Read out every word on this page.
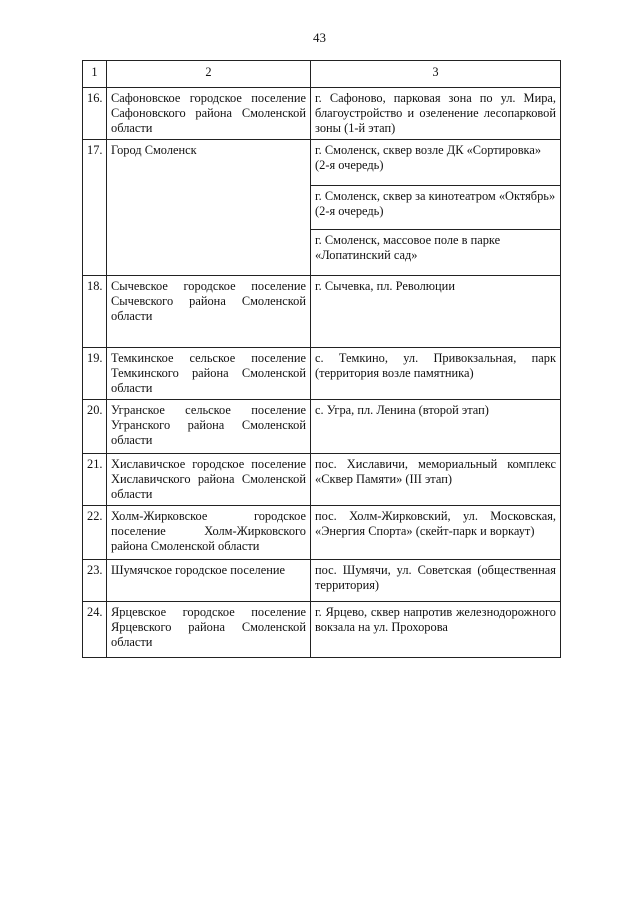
43
1	2	3
16.	Сафоновское городское поселение Сафоновского района Смоленской области	г. Сафоново, парковая зона по ул. Мира, благоустройство и озеленение лесопарковой зоны (1-й этап)
17.	Город Смоленск	г. Смоленск, сквер возле ДК «Сортировка» (2-я очередь)
		г. Смоленск, сквер за кинотеатром «Октябрь» (2-я очередь)
		г. Смоленск, массовое поле в парке «Лопатинский сад»
18.	Сычевское городское поселение Сычевского района Смоленской области	г. Сычевка, пл. Революции
19.	Темкинское сельское поселение Темкинского района Смоленской области	с. Темкино, ул. Привокзальная, парк (территория возле памятника)
20.	Угранское сельское поселение Угранского района Смоленской области	с. Угра, пл. Ленина (второй этап)
21.	Хиславичское городское поселение Хиславичского района Смоленской области	пос. Хиславичи, мемориальный комплекс «Сквер Памяти» (III этап)
22.	Холм-Жирковское городское поселение Холм-Жирковского района Смоленской области	пос. Холм-Жирковский, ул. Московская, «Энергия Спорта» (скейт-парк и воркаут)
23.	Шумячское городское поселение	пос. Шумячи, ул. Советская (общественная территория)
24.	Ярцевское городское поселение Ярцевского района Смоленской области	г. Ярцево, сквер напротив железнодорожного вокзала на ул. Прохорова
